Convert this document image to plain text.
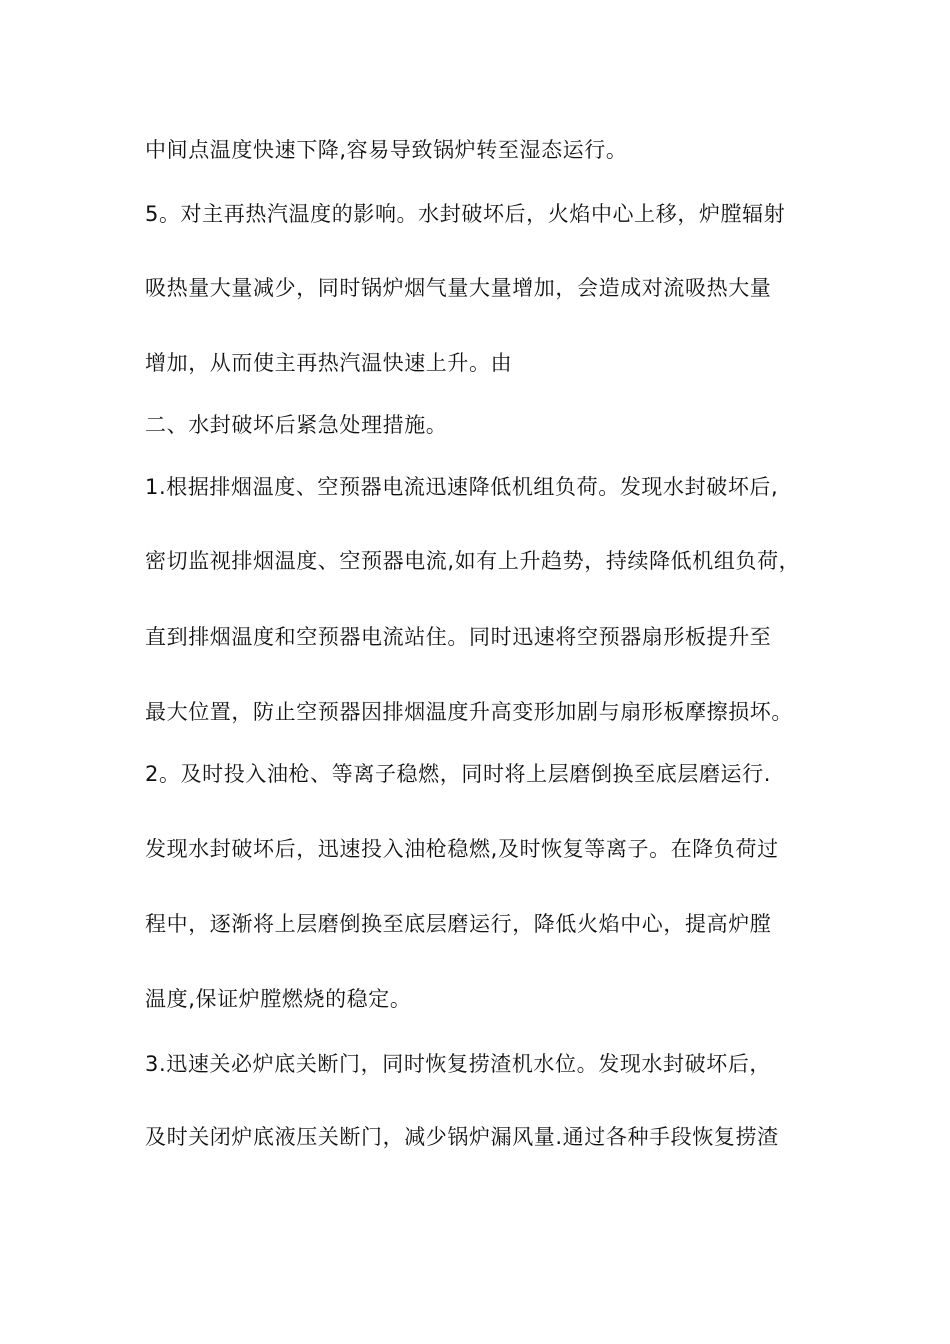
中间点温度快速下降,容易导致锅炉转至湿态运行。
5。对主再热汽温度的影响。水封破坏后，火焰中心上移，炉膛辐射
吸热量大量减少，同时锅炉烟气量大量增加，会造成对流吸热大量
增加，从而使主再热汽温快速上升。由
二、水封破坏后紧急处理措施。
1.根据排烟温度、空预器电流迅速降低机组负荷。发现水封破坏后,
密切监视排烟温度、空预器电流,如有上升趋势，持续降低机组负荷，
直到排烟温度和空预器电流站住。同时迅速将空预器扇形板提升至
最大位置，防止空预器因排烟温度升高变形加剧与扇形板摩擦损坏。
2。及时投入油枪、等离子稳燃，同时将上层磨倒换至底层磨运行.
发现水封破坏后，迅速投入油枪稳燃,及时恢复等离子。在降负荷过
程中，逐渐将上层磨倒换至底层磨运行，降低火焰中心，提高炉膛
温度,保证炉膛燃烧的稳定。
3.迅速关必炉底关断门，同时恢复捞渣机水位。发现水封破坏后，
及时关闭炉底液压关断门，减少锅炉漏风量.通过各种手段恢复捞渣
